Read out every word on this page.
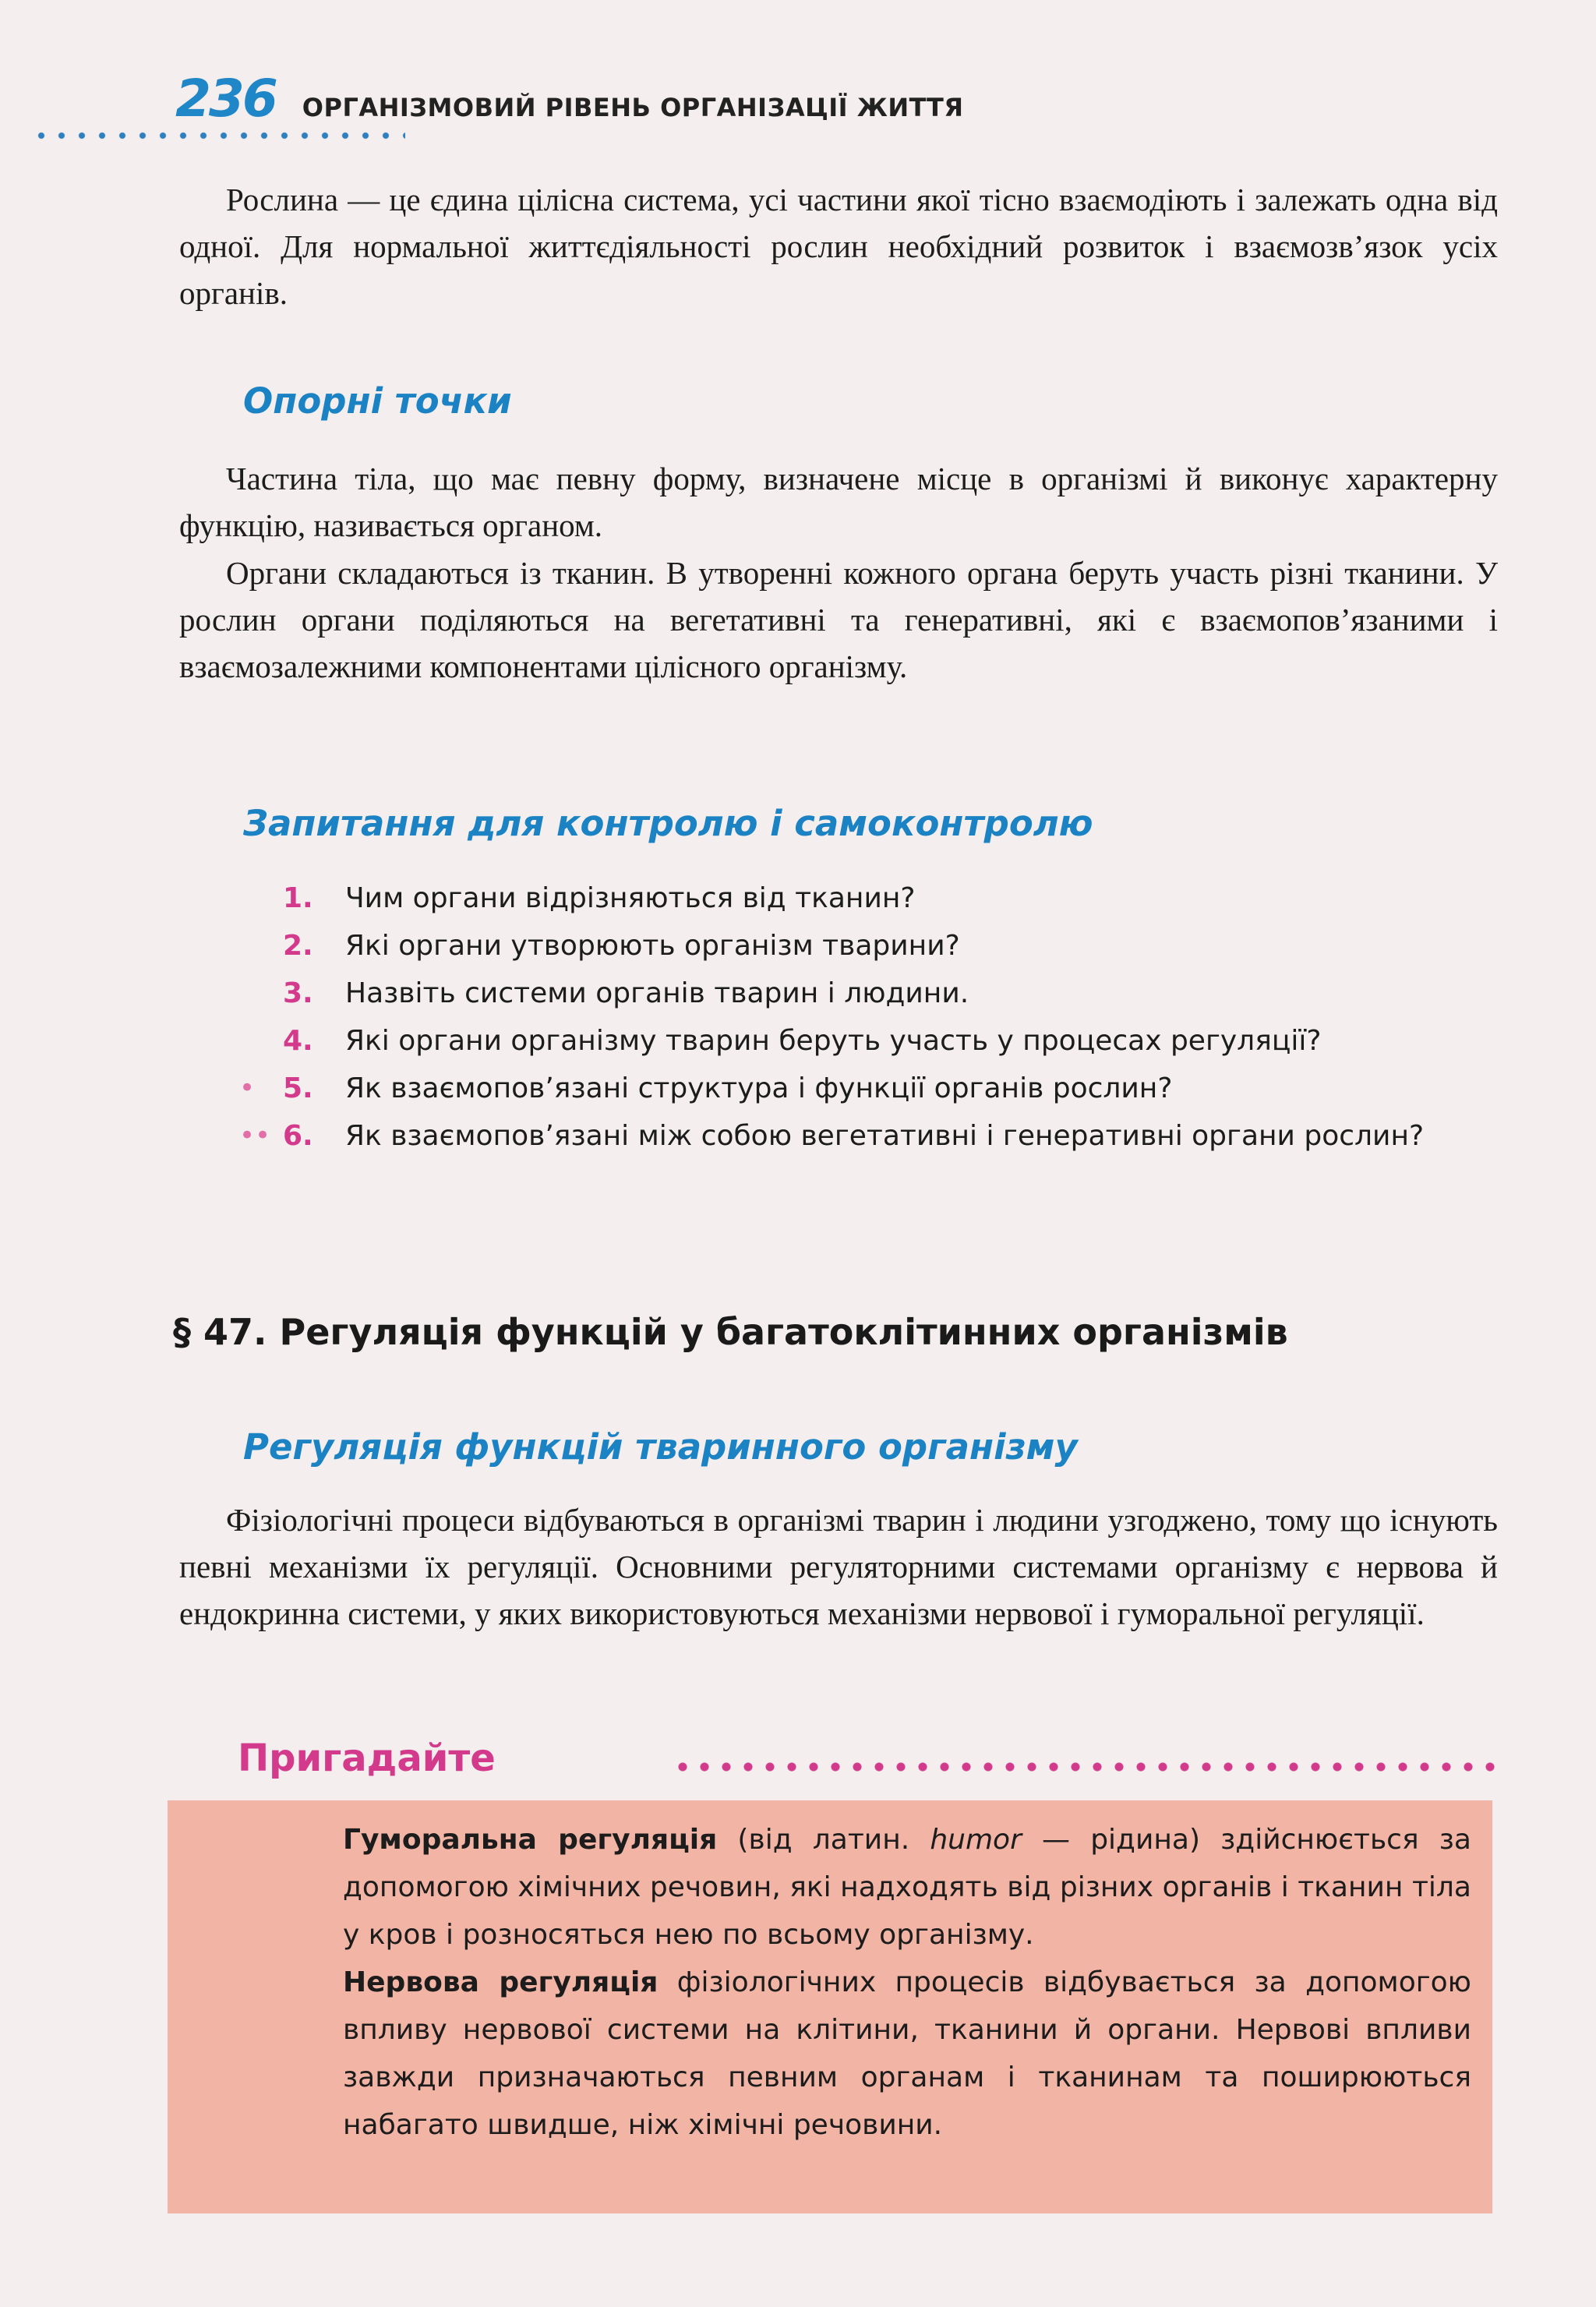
236 ОРГАНІЗМОВИЙ РІВЕНЬ ОРГАНІЗАЦІЇ ЖИТТЯ

Рослина — це єдина цілісна система, усі частини якої тісно взаємодіють і залежать одна від одної. Для нормальної життєдіяльності рослин необхідний розвиток і взаємозв’язок усіх органів.

Опорні точки

Частина тіла, що має певну форму, визначене місце в організмі й виконує характерну функцію, називається органом.

Органи складаються із тканин. В утворенні кожного органа беруть участь різні тканини. У рослин органи поділяються на вегетативні та генеративні, які є взаємопов’язаними і взаємозалежними компонентами цілісного організму.

Запитання для контролю і самоконтролю
1. Чим органи відрізняються від тканин?
2. Які органи утворюють організм тварини?
3. Назвіть системи органів тварин і людини.
4. Які органи організму тварин беруть участь у процесах регуляції?
• 5. Як взаємопов’язані структура і функції органів рослин?
•• 6. Як взаємопов’язані між собою вегетативні і генеративні органи рослин?
§ 47. Регуляція функцій у багатоклітинних організмів
Регуляція функцій тваринного організму

Фізіологічні процеси відбуваються в організмі тварин і людини узгоджено, тому що існують певні механізми їх регуляції. Основними регуляторними системами організму є нервова й ендокринна системи, у яких використовуються механізми нервової і гуморальної регуляції.

Пригадайте

Гуморальна регуляція (від латин. humor — рідина) здійснюється за допомогою хімічних речовин, які надходять від різних органів і тканин тіла у кров і розносяться нею по всьому організму.

Нервова регуляція фізіологічних процесів відбувається за допомогою впливу нервової системи на клітини, тканини й органи. Нервові впливи завжди призначаються певним органам і тканинам та поширюються набагато швидше, ніж хімічні речовини.
